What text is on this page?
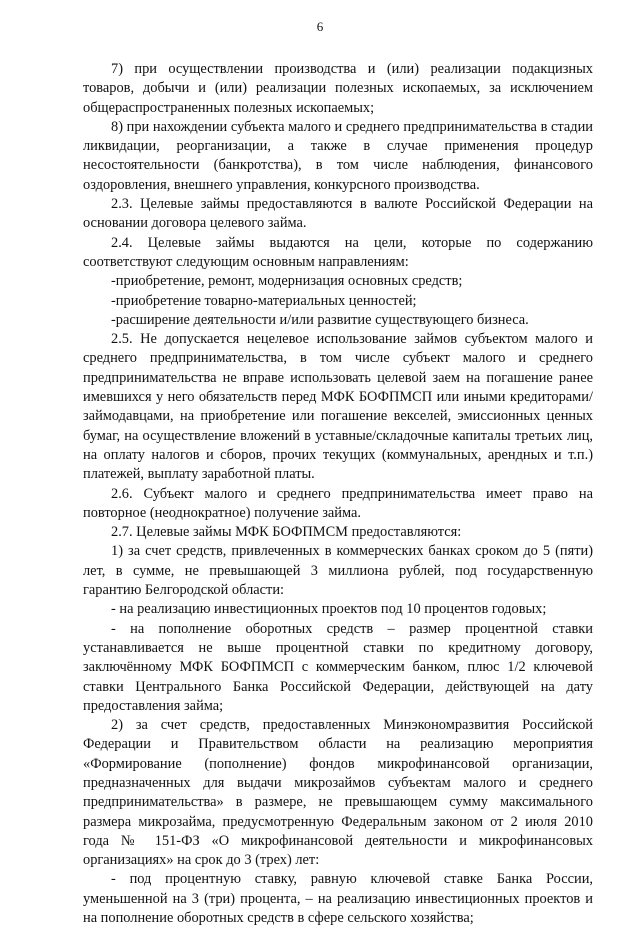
6

7) при осуществлении производства и (или) реализации подакцизных товаров, добычи и (или) реализации полезных ископаемых, за исключением общераспространенных полезных ископаемых;

8) при нахождении субъекта малого и среднего предпринимательства в стадии ликвидации, реорганизации, а также в случае применения процедур несостоятельности (банкротства), в том числе наблюдения, финансового оздоровления, внешнего управления, конкурсного производства.

2.3. Целевые займы предоставляются в валюте Российской Федерации на основании договора целевого займа.

2.4. Целевые займы выдаются на цели, которые по содержанию соответствуют следующим основным направлениям:

-приобретение, ремонт, модернизация основных средств;

-приобретение товарно-материальных ценностей;

-расширение деятельности и/или развитие существующего бизнеса.

2.5. Не допускается нецелевое использование займов субъектом малого и среднего предпринимательства, в том числе субъект малого и среднего предпринимательства не вправе использовать целевой заем на погашение ранее имевшихся у него обязательств перед МФК БОФПМСП или иными кредиторами/займодавцами, на приобретение или погашение векселей, эмиссионных ценных бумаг, на осуществление вложений в уставные/складочные капиталы третьих лиц, на оплату налогов и сборов, прочих текущих (коммунальных, арендных и т.п.) платежей, выплату заработной платы.

2.6. Субъект малого и среднего предпринимательства имеет право на повторное (неоднократное) получение займа.

2.7. Целевые займы МФК БОФПМСМ предоставляются:

1) за счет средств, привлеченных в коммерческих банках сроком до 5 (пяти) лет, в сумме, не превышающей 3 миллиона рублей, под государственную гарантию Белгородской области:

- на реализацию инвестиционных проектов под 10 процентов годовых;

- на пополнение оборотных средств – размер процентной ставки устанавливается не выше процентной ставки по кредитному договору, заключённому МФК БОФПМСП с коммерческим банком, плюс 1/2 ключевой ставки Центрального Банка Российской Федерации, действующей на дату предоставления займа;

2) за счет средств, предоставленных Минэкономразвития Российской Федерации и Правительством области на реализацию мероприятия «Формирование (пополнение) фондов микрофинансовой организации, предназначенных для выдачи микрозаймов субъектам малого и среднего предпринимательства» в размере, не превышающем сумму максимального размера микрозайма, предусмотренную Федеральным законом от 2 июля 2010 года № 151-ФЗ «О микрофинансовой деятельности и микрофинансовых организациях» на срок до 3 (трех) лет:

- под процентную ставку, равную ключевой ставке Банка России, уменьшенной на 3 (три) процента, – на реализацию инвестиционных проектов и на пополнение оборотных средств в сфере сельского хозяйства;
